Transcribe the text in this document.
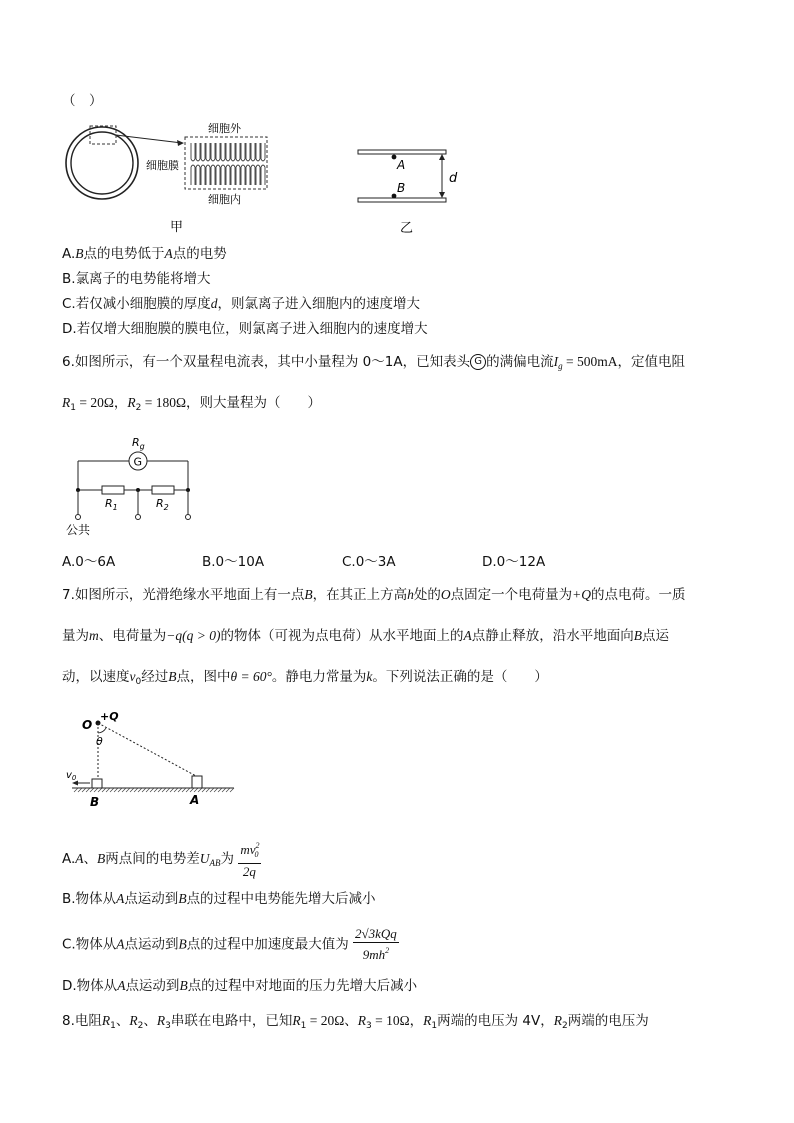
（　）
细胞外
细胞膜
细胞内
甲
A
B
d
乙
A.B点的电势低于A点的电势
B.氯离子的电势能将增大
C.若仅减小细胞膜的厚度d，则氯离子进入细胞内的速度增大
D.若仅增大细胞膜的膜电位，则氯离子进入细胞内的速度增大
6.如图所示，有一个双量程电流表，其中小量程为 0～1A，已知表头 G 的满偏电流$I_g = 500mA$，定值电阻
$R_1 = 20\Omega$，$R_2 = 180\Omega$，则大量程为（　　）
G
$R_g$
$R_1$	$R_2$
公共
A.0～6A	B.0～10A	C.0～3A	D.0～12A
7.如图所示，光滑绝缘水平地面上有一点B，在其正上方高h处的O点固定一个电荷量为+Q的点电荷。一质
量为m、电荷量为−q(q > 0)的物体（可视为点电荷）从水平地面上的A点静止释放，沿水平地面向B点运
动，以速度$v_0$经过B点，图中θ = 60°。静电力常量为k。下列说法正确的是（　　）
O
+Q
θ
$v_0$
B	A
A.A、B两点间的电势差$U_{AB}$为 $\frac{mv^2_0}{2q}$
B.物体从A点运动到B点的过程中电势能先增大后减小
C.物体从A点运动到B点的过程中加速度最大值为 $\frac{\text{2√3kQq}}{9mh^2}$
D.物体从A点运动到B点的过程中对地面的压力先增大后减小
8.电阻$R_1$、$R_2$、$R_3$串联在电路中，已知$R_1 = 20\Omega$、$R_3 = 10\Omega$，$R_1$两端的电压为 4V，$R_2$两端的电压为
